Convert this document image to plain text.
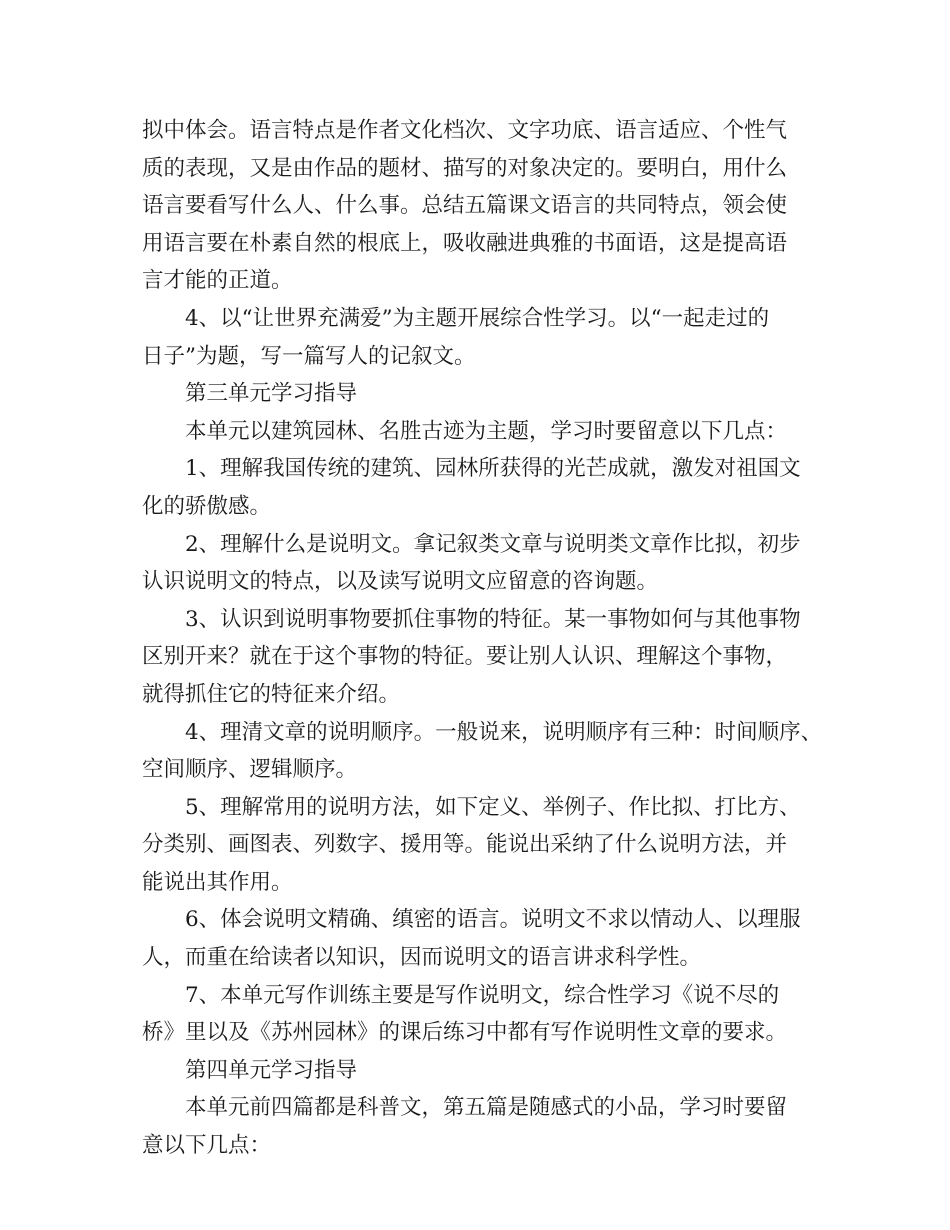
拟中体会。语言特点是作者文化档次、文字功底、语言适应、个性气
质的表现，又是由作品的题材、描写的对象决定的。要明白，用什么
语言要看写什么人、什么事。总结五篇课文语言的共同特点，领会使
用语言要在朴素自然的根底上，吸收融进典雅的书面语，这是提高语
言才能的正道。
4、以“让世界充满爱”为主题开展综合性学习。以“一起走过的
日子”为题，写一篇写人的记叙文。
第三单元学习指导
本单元以建筑园林、名胜古迹为主题，学习时要留意以下几点：
1、理解我国传统的建筑、园林所获得的光芒成就，激发对祖国文
化的骄傲感。
2、理解什么是说明文。拿记叙类文章与说明类文章作比拟，初步
认识说明文的特点，以及读写说明文应留意的咨询题。
3、认识到说明事物要抓住事物的特征。某一事物如何与其他事物
区别开来？就在于这个事物的特征。要让别人认识、理解这个事物，
就得抓住它的特征来介绍。
4、理清文章的说明顺序。一般说来，说明顺序有三种：时间顺序、
空间顺序、逻辑顺序。
5、理解常用的说明方法，如下定义、举例子、作比拟、打比方、
分类别、画图表、列数字、援用等。能说出采纳了什么说明方法，并
能说出其作用。
6、体会说明文精确、缜密的语言。说明文不求以情动人、以理服
人，而重在给读者以知识，因而说明文的语言讲求科学性。
7、本单元写作训练主要是写作说明文，综合性学习《说不尽的
桥》里以及《苏州园林》的课后练习中都有写作说明性文章的要求。
第四单元学习指导
本单元前四篇都是科普文，第五篇是随感式的小品，学习时要留
意以下几点：
